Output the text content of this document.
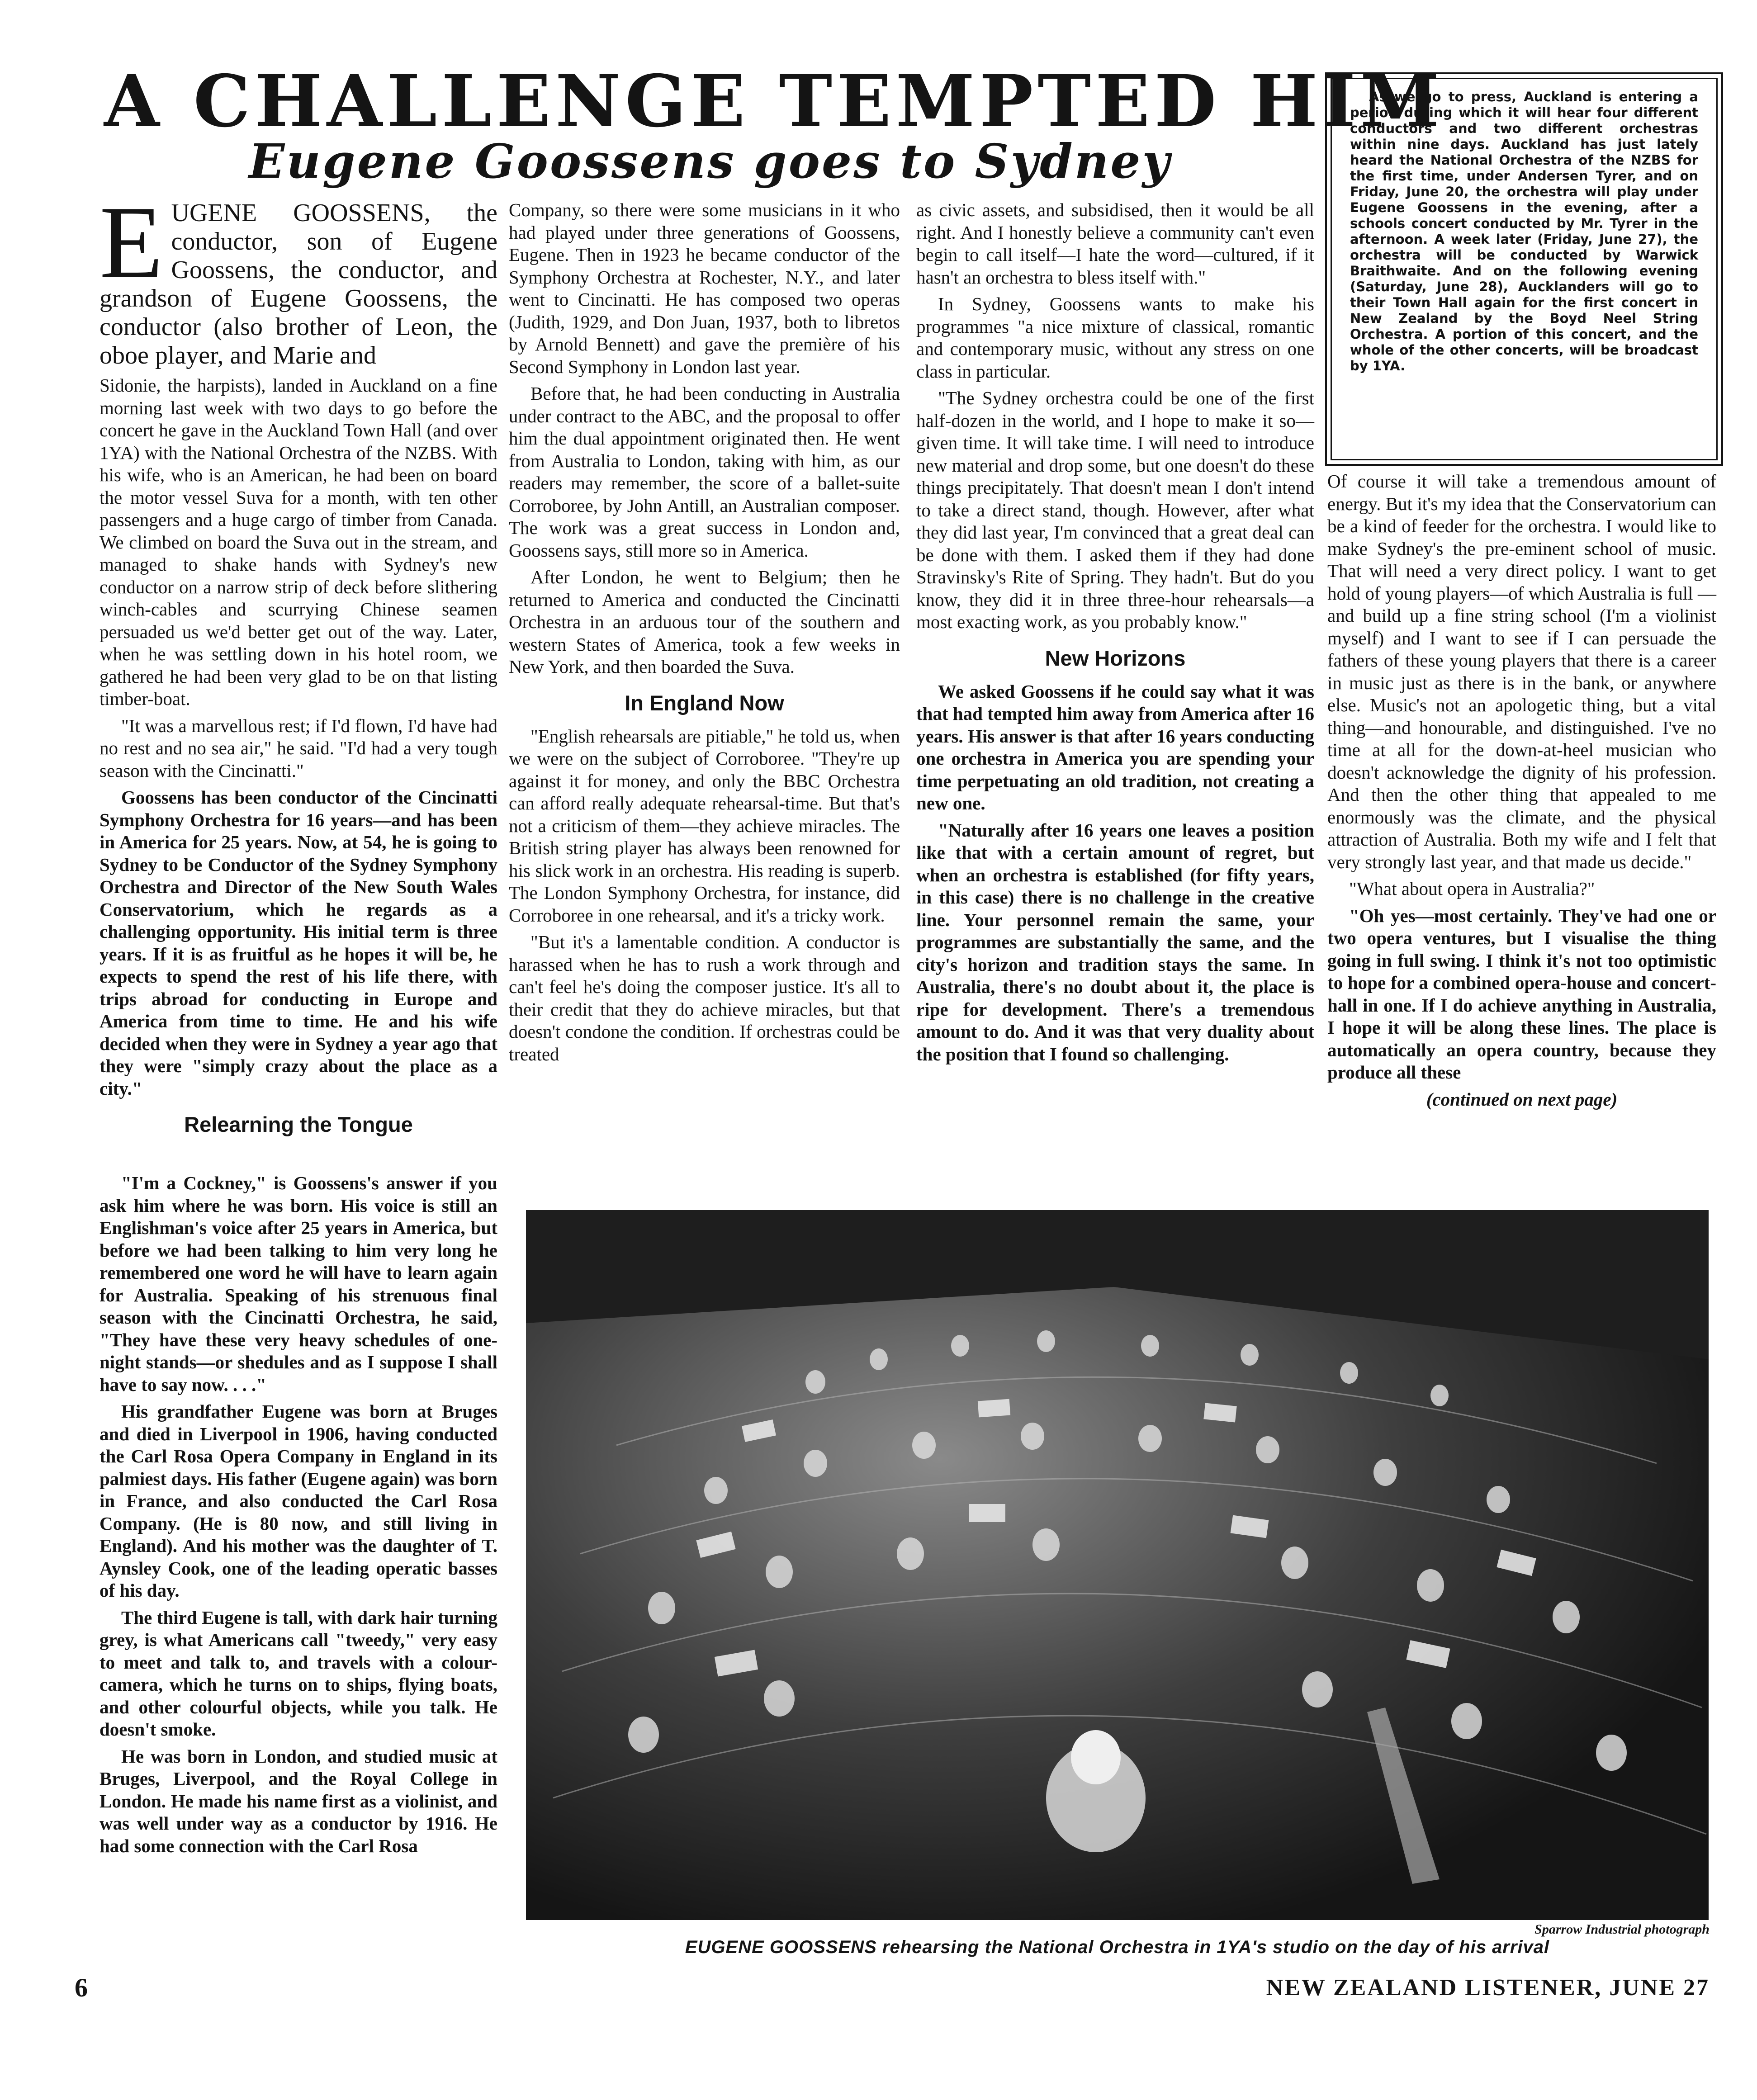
A CHALLENGE TEMPTED HIM
Eugene Goossens goes to Sydney

As we go to press, Auckland is entering a period during which it will hear four different conductors and two different orchestras within nine days. Auckland has just lately heard the National Orchestra of the NZBS for the first time, under Andersen Tyrer, and on Friday, June 20, the orchestra will play under Eugene Goossens in the evening, after a schools concert conducted by Mr. Tyrer in the afternoon. A week later (Friday, June 27), the orchestra will be conducted by Warwick Braithwaite. And on the following evening (Saturday, June 28), Aucklanders will go to their Town Hall again for the first concert in New Zealand by the Boyd Neel String Orchestra. A portion of this concert, and the whole of the other concerts, will be broadcast by 1YA.

E UGENE GOOSSENS, the conductor, son of Eugene Goossens, the conductor, and grandson of Eugene Goossens, the conductor (also brother of Leon, the oboe player, and Marie and

Sidonie, the harpists), landed in Auckland on a fine morning last week with two days to go before the concert he gave in the Auckland Town Hall (and over 1YA) with the National Orchestra of the NZBS. With his wife, who is an American, he had been on board the motor vessel Suva for a month, with ten other passengers and a huge cargo of timber from Canada. We climbed on board the Suva out in the stream, and managed to shake hands with Sydney's new conductor on a narrow strip of deck before slithering winch-cables and scurrying Chinese seamen persuaded us we'd better get out of the way. Later, when he was settling down in his hotel room, we gathered he had been very glad to be on that listing timber-boat.

"It was a marvellous rest; if I'd flown, I'd have had no rest and no sea air," he said. "I'd had a very tough season with the Cincinatti."

Goossens has been conductor of the Cincinatti Symphony Orchestra for 16 years—and has been in America for 25 years. Now, at 54, he is going to Sydney to be Conductor of the Sydney Symphony Orchestra and Director of the New South Wales Conservatorium, which he regards as a challenging opportunity. His initial term is three years. If it is as fruitful as he hopes it will be, he expects to spend the rest of his life there, with trips abroad for conducting in Europe and America from time to time. He and his wife decided when they were in Sydney a year ago that they were "simply crazy about the place as a city."

Relearning the Tongue

"I'm a Cockney," is Goossens's answer if you ask him where he was born. His voice is still an Englishman's voice after 25 years in America, but before we had been talking to him very long he remembered one word he will have to learn again for Australia. Speaking of his strenuous final season with the Cincinatti Orchestra, he said, "They have these very heavy schedules of one-night stands—or shedules and as I suppose I shall have to say now. . . ."

His grandfather Eugene was born at Bruges and died in Liverpool in 1906, having conducted the Carl Rosa Opera Company in England in its palmiest days. His father (Eugene again) was born in France, and also conducted the Carl Rosa Company. (He is 80 now, and still living in England). And his mother was the daughter of T. Aynsley Cook, one of the leading operatic basses of his day.

The third Eugene is tall, with dark hair turning grey, is what Americans call "tweedy," very easy to meet and talk to, and travels with a colour-camera, which he turns on to ships, flying boats, and other colourful objects, while you talk. He doesn't smoke.

He was born in London, and studied music at Bruges, Liverpool, and the Royal College in London. He made his name first as a violinist, and was well under way as a conductor by 1916. He had some connection with the Carl Rosa

Company, so there were some musicians in it who had played under three generations of Goossens, Eugene. Then in 1923 he became conductor of the Symphony Orchestra at Rochester, N.Y., and later went to Cincinatti. He has composed two operas (Judith, 1929, and Don Juan, 1937, both to libretos by Arnold Bennett) and gave the première of his Second Symphony in London last year.

Before that, he had been conducting in Australia under contract to the ABC, and the proposal to offer him the dual appointment originated then. He went from Australia to London, taking with him, as our readers may remember, the score of a ballet-suite Corroboree, by John Antill, an Australian composer. The work was a great success in London and, Goossens says, still more so in America.

After London, he went to Belgium; then he returned to America and conducted the Cincinatti Orchestra in an arduous tour of the southern and western States of America, took a few weeks in New York, and then boarded the Suva.

In England Now

"English rehearsals are pitiable," he told us, when we were on the subject of Corroboree. "They're up against it for money, and only the BBC Orchestra can afford really adequate rehearsal-time. But that's not a criticism of them—they achieve miracles. The British string player has always been renowned for his slick work in an orchestra. His reading is superb. The London Symphony Orchestra, for instance, did Corroboree in one rehearsal, and it's a tricky work.

"But it's a lamentable condition. A conductor is harassed when he has to rush a work through and can't feel he's doing the composer justice. It's all to their credit that they do achieve miracles, but that doesn't condone the condition. If orchestras could be treated

as civic assets, and subsidised, then it would be all right. And I honestly believe a community can't even begin to call itself—I hate the word—cultured, if it hasn't an orchestra to bless itself with."

In Sydney, Goossens wants to make his programmes "a nice mixture of classical, romantic and contemporary music, without any stress on one class in particular.

"The Sydney orchestra could be one of the first half-dozen in the world, and I hope to make it so—given time. It will take time. I will need to introduce new material and drop some, but one doesn't do these things precipitately. That doesn't mean I don't intend to take a direct stand, though. However, after what they did last year, I'm convinced that a great deal can be done with them. I asked them if they had done Stravinsky's Rite of Spring. They hadn't. But do you know, they did it in three three-hour rehearsals—a most exacting work, as you probably know."

New Horizons

We asked Goossens if he could say what it was that had tempted him away from America after 16 years. His answer is that after 16 years conducting one orchestra in America you are spending your time perpetuating an old tradition, not creating a new one.

"Naturally after 16 years one leaves a position like that with a certain amount of regret, but when an orchestra is established (for fifty years, in this case) there is no challenge in the creative line. Your personnel remain the same, your programmes are substantially the same, and the city's horizon and tradition stays the same. In Australia, there's no doubt about it, the place is ripe for development. There's a tremendous amount to do. And it was that very duality about the position that I found so challenging.

Of course it will take a tremendous amount of energy. But it's my idea that the Conservatorium can be a kind of feeder for the orchestra. I would like to make Sydney's the pre-eminent school of music. That will need a very direct policy. I want to get hold of young players—of which Australia is full — and build up a fine string school (I'm a violinist myself) and I want to see if I can persuade the fathers of these young players that there is a career in music just as there is in the bank, or anywhere else. Music's not an apologetic thing, but a vital thing—and honourable, and distinguished. I've no time at all for the down-at-heel musician who doesn't acknowledge the dignity of his profession. And then the other thing that appealed to me enormously was the climate, and the physical attraction of Australia. Both my wife and I felt that very strongly last year, and that made us decide."

"What about opera in Australia?"

"Oh yes—most certainly. They've had one or two opera ventures, but I visualise the thing going in full swing. I think it's not too optimistic to hope for a combined opera-house and concert-hall in one. If I do achieve anything in Australia, I hope it will be along these lines. The place is automatically an opera country, because they produce all these

(continued on next page)

Sparrow Industrial photograph
EUGENE GOOSSENS rehearsing the National Orchestra in 1YA's studio on the day of his arrival
6	NEW ZEALAND LISTENER, JUNE 27
